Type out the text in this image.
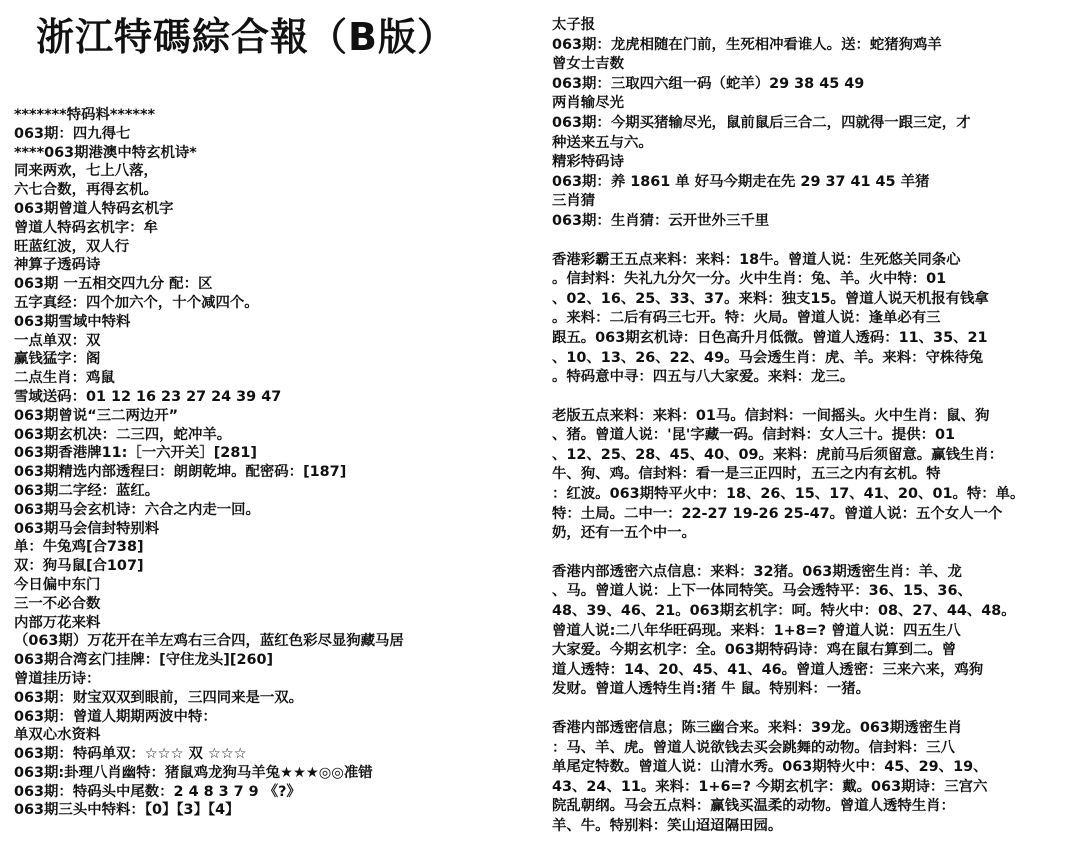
浙江特碼綜合報（B版）
*******特码料******
063期：四九得七
****063期港澳中特玄机诗*
同来两欢，七上八落，
六七合数，再得玄机。
063期曾道人特码玄机字
曾道人特码玄机字：牟
旺蓝红波，双人行
神算子透码诗
063期 一五相交四九分 配：区
五字真经：四个加六个，十个减四个。
063期雪域中特料
一点单双：双
赢钱猛字：阁
二点生肖：鸡鼠
雪域送码：01 12 16 23 27 24 39 47
063期曾说“三二两边开”
063期玄机决：二三四，蛇冲羊。
063期香港牌11:［一六开关］[281]
063期精选内部透程曰：朗朗乾坤。配密码：[187]
063期二字经：蓝红。
063期马会玄机诗：六合之内走一回。
063期马会信封特别料
单：牛兔鸡[合738]
双：狗马鼠[合107]
今日偏中东门
三一不必合数
内部万花来料
（063期）万花开在羊左鸡右三合四，蓝红色彩尽显狗藏马居
063期合湾玄门挂牌：[守住龙头][260]
曾道挂历诗：
063期：财宝双双到眼前，三四同来是一双。
063期：曾道人期期两波中特：
单双心水资料
063期：特码单双：☆☆☆ 双 ☆☆☆
063期:卦理八肖幽特：猪鼠鸡龙狗马羊兔★★★◎◎准错
063期：特码头中尾数：2 4 8 3 7 9 《?》
063期三头中特料：【0】【3】【4】
太子报
063期：龙虎相随在门前，生死相冲看谁人。送：蛇猪狗鸡羊
曾女士吉数
063期：三取四六组一码（蛇羊）29 38 45 49
两肖输尽光
063期：今期买猪输尽光，鼠前鼠后三合二，四就得一跟三定，才
种送来五与六。
精彩特码诗
063期：养 1861 单 好马今期走在先 29 37 41 45 羊猪
三肖猜
063期：生肖猜：云开世外三千里
香港彩霸王五点来料：来料：18牛。曾道人说：生死悠关同条心
。信封料：失礼九分欠一分。火中生肖：兔、羊。火中特：01
、02、16、25、33、37。来料：独支15。曾道人说天机报有钱拿
。来料：二后有码三七开。特：火局。曾道人说：逢单必有三
跟五。063期玄机诗：日色高升月低微。曾道人透码：11、35、21
、10、13、26、22、49。马会透生肖：虎、羊。来料：守株待兔
。特码意中寻：四五与八大家爱。来料：龙三。
老版五点来料：来料：01马。信封料：一间摇头。火中生肖：鼠、狗
、猪。曾道人说：'昆'字藏一码。信封料：女人三十。提供：01
、12、25、28、45、40、09。来料：虎前马后须留意。赢钱生肖：
牛、狗、鸡。信封料：看一是三正四时，五三之内有玄机。特
：红波。063期特平火中：18、26、15、17、41、20、01。特：单。
特：土局。二中一：22-27 19-26 25-47。曾道人说：五个女人一个
奶，还有一五个中一。
香港内部透密六点信息：来料：32猪。063期透密生肖：羊、龙
、马。曾道人说：上下一体同特笑。马会透特平：36、15、36、
48、39、46、21。063期玄机字：呵。特火中：08、27、44、48。
曾道人说:二八年华旺码现。来料：1+8=? 曾道人说：四五生八
大家爱。今期玄机字：全。063期特码诗：鸡在鼠右算到二。曾
道人透特：14、20、45、41、46。曾道人透密：三来六来，鸡狗
发财。曾道人透特生肖:猪 牛 鼠。特别料：一猪。
香港内部透密信息；陈三幽合来。来料：39龙。063期透密生肖
：马、羊、虎。曾道人说欲钱去买会跳舞的动物。信封料：三八
单尾定特数。曾道人说：山清水秀。063期特火中：45、29、19、
43、24、11。来料：1+6=? 今期玄机字：戴。063期诗：三宫六
院乱朝纲。马会五点料：赢钱买温柔的动物。曾道人透特生肖：
羊、牛。特别料：笑山迢迢隔田园。
